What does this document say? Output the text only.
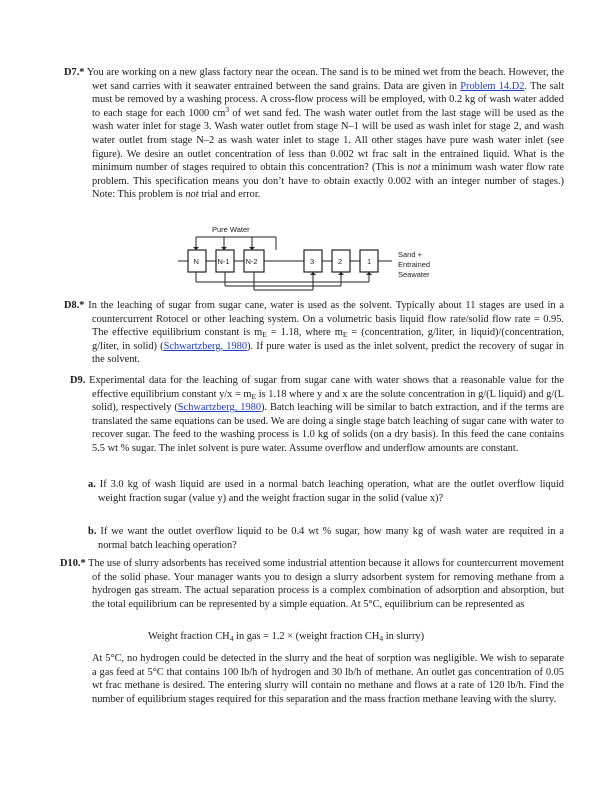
D7.* You are working on a new glass factory near the ocean. The sand is to be mined wet from the beach. However, the wet sand carries with it seawater entrained between the sand grains. Data are given in Problem 14.D2. The salt must be removed by a washing process. A cross-flow process will be employed, with 0.2 kg of wash water added to each stage for each 1000 $cm^3$ of wet sand fed. The wash water outlet from the last stage will be used as the wash water inlet for stage 3. Wash water outlet from stage N–1 will be used as wash inlet for stage 2, and wash water outlet from stage N–2 as wash water inlet to stage 1. All other stages have pure wash water inlet (see figure). We desire an outlet concentration of less than 0.002 wt frac salt in the entrained liquid. What is the minimum number of stages required to obtain this concentration? (This is not a minimum wash water flow rate problem. This specification means you don’t have to obtain exactly 0.002 with an integer number of stages.) Note: This problem is not trial and error.
Pure Water
N N-1 N-2	3	2	1
Sand +
Entrained
Seawater
D8.* In the leaching of sugar from sugar cane, water is used as the solvent. Typically about 11 stages are used in a countercurrent Rotocel or other leaching system. On a volumetric basis liquid flow rate/solid flow rate = 0.95. The effective equilibrium constant is $m_E = 1.18$, where $m_E$ = (concentration, g/liter, in liquid)/(concentration, g/liter, in solid) (Schwartzberg, 1980). If pure water is used as the inlet solvent, predict the recovery of sugar in the solvent.
D9. Experimental data for the leaching of sugar from sugar cane with water shows that a reasonable value for the effective equilibrium constant $y/x = m_E$ is 1.18 where y and x are the solute concentration in g/(L liquid) and g/(L solid), respectively (Schwartzberg, 1980). Batch leaching will be similar to batch extraction, and if the terms are translated the same equations can be used. We are doing a single stage batch leaching of sugar cane with water to recover sugar. The feed to the washing process is 1.0 kg of solids (on a dry basis). In this feed the cane contains 5.5 wt % sugar. The inlet solvent is pure water. Assume overflow and underflow amounts are constant.
a. If 3.0 kg of wash liquid are used in a normal batch leaching operation, what are the outlet overflow liquid weight fraction sugar (value y) and the weight fraction sugar in the solid (value x)?
b. If we want the outlet overflow liquid to be 0.4 wt % sugar, how many kg of wash water are required in a normal batch leaching operation?
D10.* The use of slurry adsorbents has received some industrial attention because it allows for countercurrent movement of the solid phase. Your manager wants you to design a slurry adsorbent system for removing methane from a hydrogen gas stream. The actual separation process is a complex combination of adsorption and absorption, but the total equilibrium can be represented by a simple equation. At 5°C, equilibrium can be represented as
Weight fraction $CH_4$ in gas = 1.2 × (weight fraction $CH_4$ in slurry)
At 5°C, no hydrogen could be detected in the slurry and the heat of sorption was negligible. We wish to separate a gas feed at 5°C that contains 100 lb/h of hydrogen and 30 lb/h of methane. An outlet gas concentration of 0.05 wt frac methane is desired. The entering slurry will contain no methane and flows at a rate of 120 lb/h. Find the number of equilibrium stages required for this separation and the mass fraction methane leaving with the slurry.
